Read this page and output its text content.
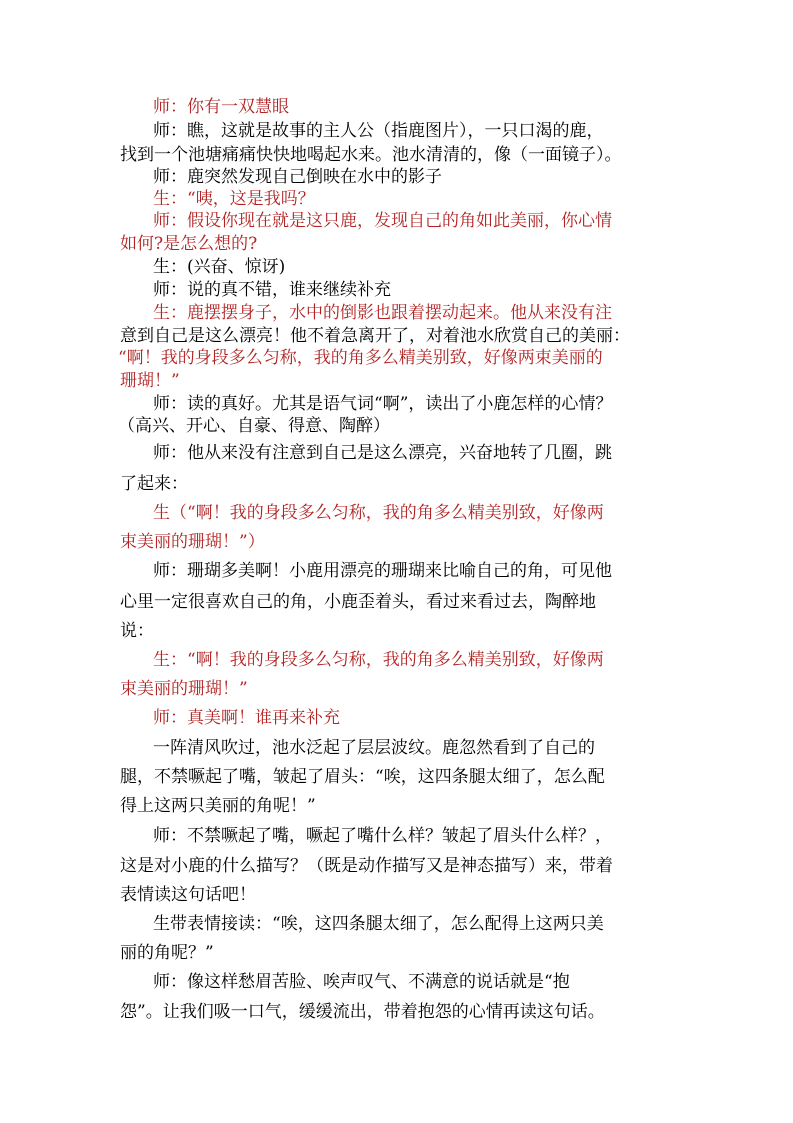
师：你有一双慧眼

师：瞧，这就是故事的主人公（指鹿图片），一只口渴的鹿，

找到一个池塘痛痛快快地喝起水来。池水清清的，像（一面镜子）。

师：鹿突然发现自己倒映在水中的影子

生：“咦，这是我吗？

师：假设你现在就是这只鹿，发现自己的角如此美丽，你心情

如何?是怎么想的?

生：(兴奋、惊讶)

师：说的真不错，谁来继续补充

生：鹿摆摆身子，水中的倒影也跟着摆动起来。他从来没有注

意到自己是这么漂亮！他不着急离开了，对着池水欣赏自己的美丽：

“啊！我的身段多么匀称，我的角多么精美别致，好像两束美丽的

珊瑚！”

师：读的真好。尤其是语气词“啊”，读出了小鹿怎样的心情？

（高兴、开心、自豪、得意、陶醉）

师：他从来没有注意到自己是这么漂亮，兴奋地转了几圈，跳

了起来：

生（“啊！我的身段多么匀称，我的角多么精美别致，好像两

束美丽的珊瑚！”）

师：珊瑚多美啊！小鹿用漂亮的珊瑚来比喻自己的角，可见他

心里一定很喜欢自己的角，小鹿歪着头，看过来看过去，陶醉地

说：

生：“啊！我的身段多么匀称，我的角多么精美别致，好像两

束美丽的珊瑚！”

师：真美啊！谁再来补充

一阵清风吹过，池水泛起了层层波纹。鹿忽然看到了自己的

腿，不禁噘起了嘴，皱起了眉头：“唉，这四条腿太细了，怎么配

得上这两只美丽的角呢！”

师：不禁噘起了嘴，噘起了嘴什么样？皱起了眉头什么样？，

这是对小鹿的什么描写？（既是动作描写又是神态描写）来，带着

表情读这句话吧！

生带表情接读：“唉，这四条腿太细了，怎么配得上这两只美

丽的角呢？”

师：像这样愁眉苦脸、唉声叹气、不满意的说话就是“抱

怨”。让我们吸一口气，缓缓流出，带着抱怨的心情再读这句话。
